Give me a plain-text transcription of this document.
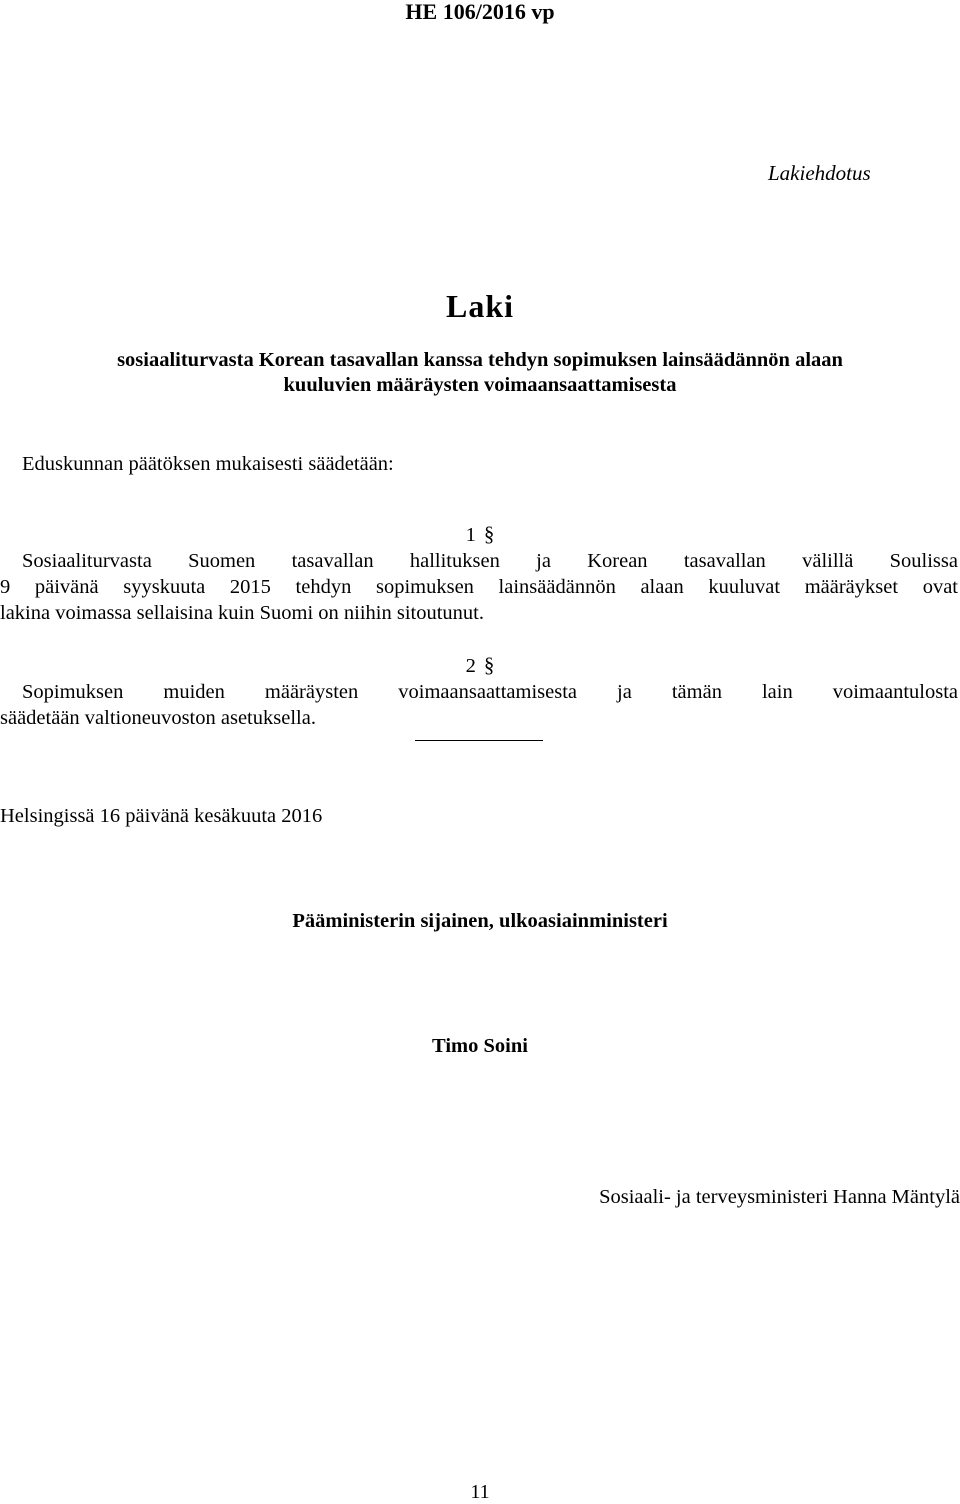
HE 106/2016 vp
Lakiehdotus
Laki
sosiaaliturvasta Korean tasavallan kanssa tehdyn sopimuksen lainsäädännön alaan
kuuluvien määräysten voimaansaattamisesta
Eduskunnan päätöksen mukaisesti säädetään:
1 §
Sosiaaliturvasta Suomen tasavallan hallituksen ja Korean tasavallan välillä Soulissa
9 päivänä syyskuuta 2015 tehdyn sopimuksen lainsäädännön alaan kuuluvat määräykset ovat
lakina voimassa sellaisina kuin Suomi on niihin sitoutunut.
2 §
Sopimuksen muiden määräysten voimaansaattamisesta ja tämän lain voimaantulosta
säädetään valtioneuvoston asetuksella.
Helsingissä 16 päivänä kesäkuuta 2016
Pääministerin sijainen, ulkoasiainministeri
Timo Soini
Sosiaali- ja terveysministeri Hanna Mäntylä
11
